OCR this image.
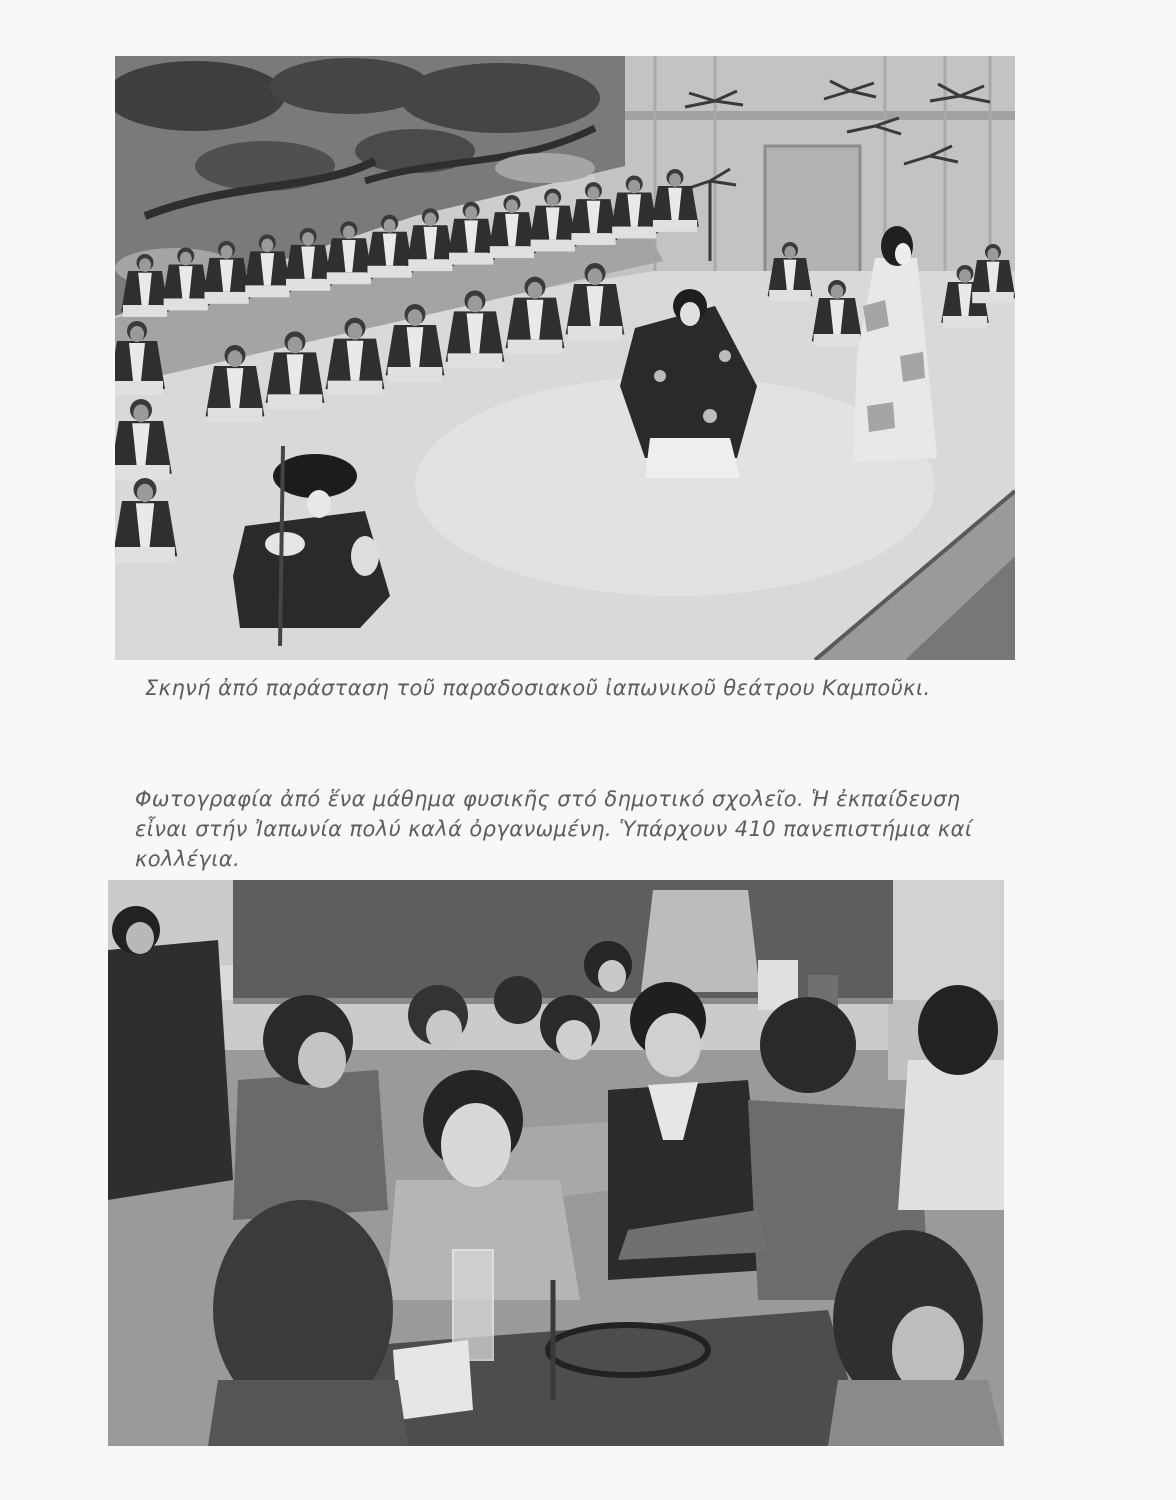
Σκηνή ἀπό παράσταση τοῦ παραδοσιακοῦ ἰαπωνικοῦ θεάτρου Καμποῦκι.
Φωτογραφία ἀπό ἕνα μάθημα φυσικῆς στό δημοτικό σχολεῖο. Ἡ ἐκπαίδευση
εἶναι στήν Ἰαπωνία πολύ καλά ὀργανωμένη. Ὑπάρχουν 410 πανεπιστήμια καί
κολλέγια.
